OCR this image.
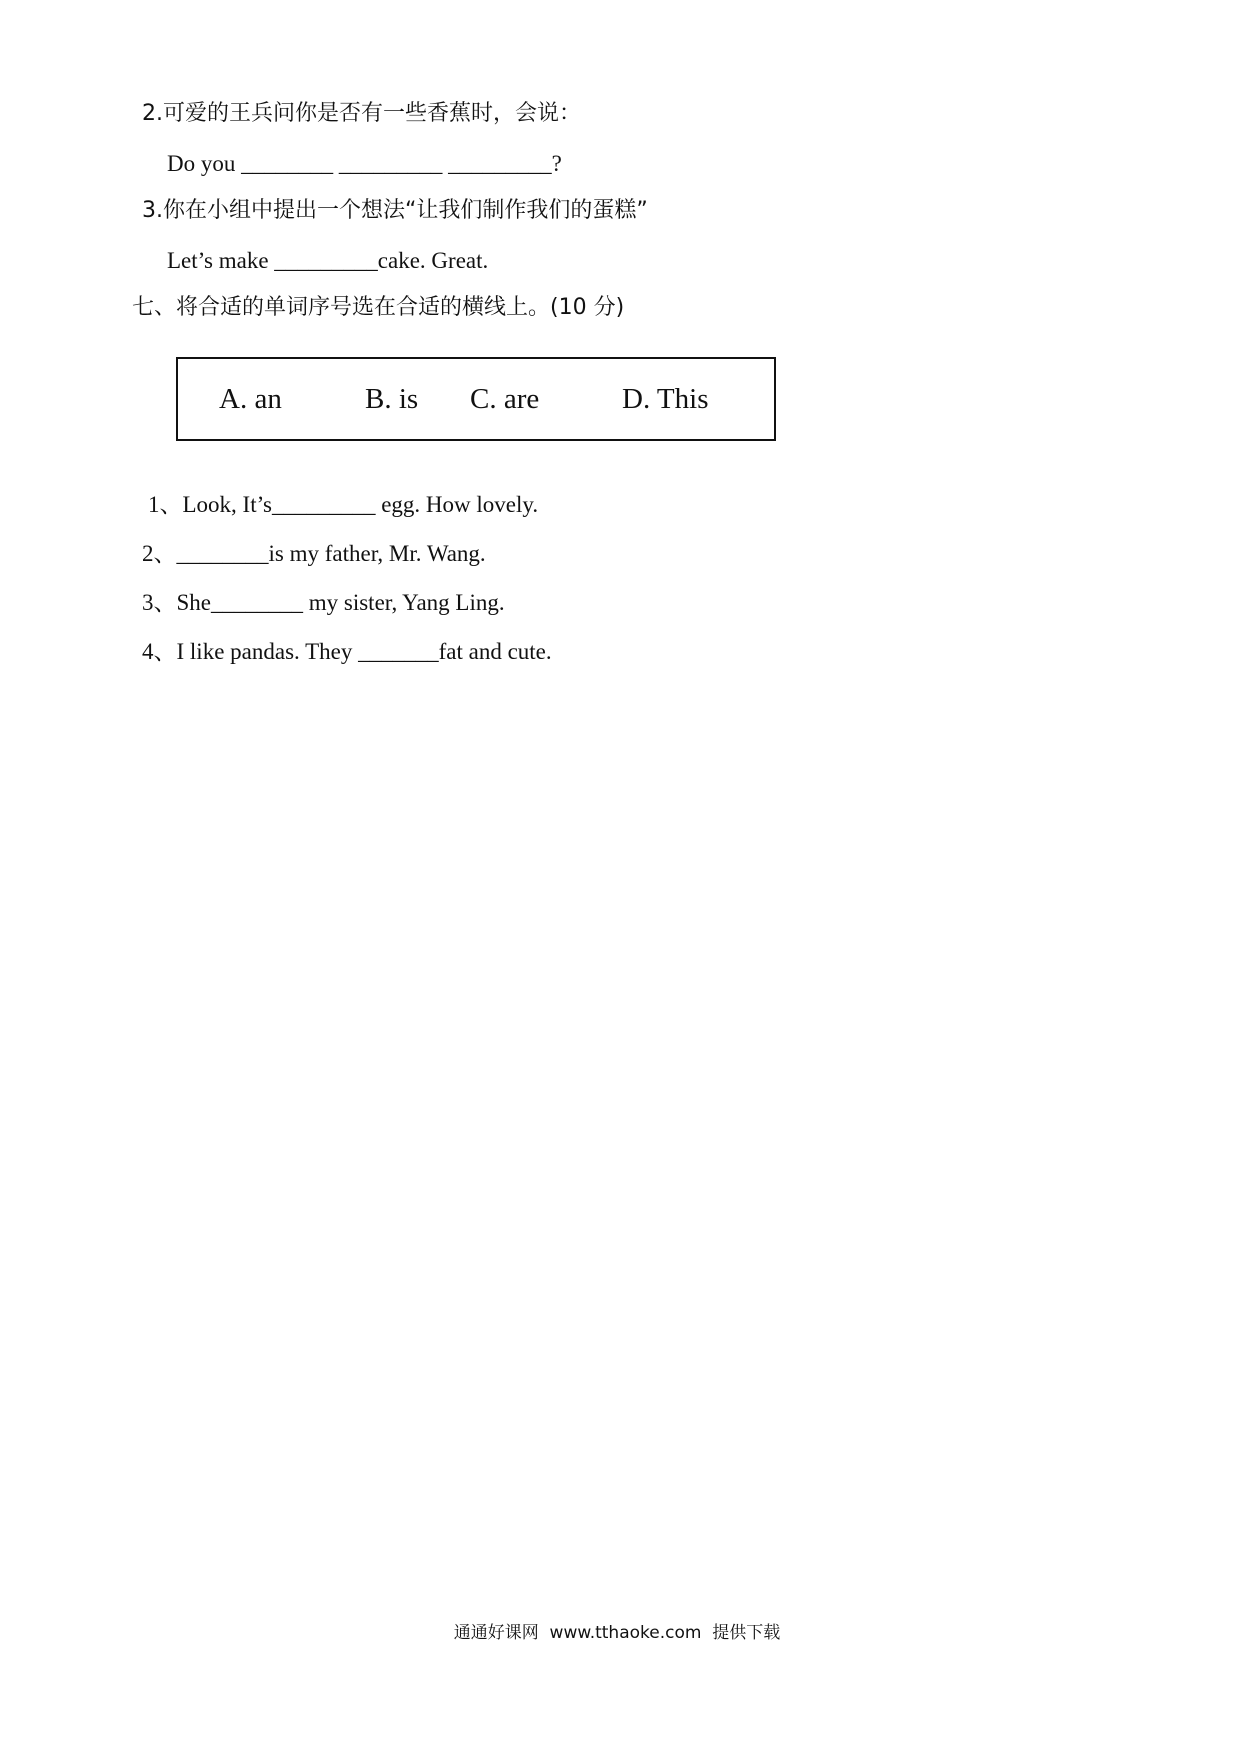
2.可爱的王兵问你是否有一些香蕉时，会说：
Do you ________ _________ _________?
3.你在小组中提出一个想法“让我们制作我们的蛋糕”
Let’s make _________cake. Great.
七、将合适的单词序号选在合适的横线上。(10 分)
A. an	B. is C. are	D. This
1、Look, It’s_________ egg. How lovely.
2、________is my father, Mr. Wang.
3、She________ my sister, Yang Ling.
4、I like pandas. They _______fat and cute.
通通好课网  www.tthaoke.com  提供下载
